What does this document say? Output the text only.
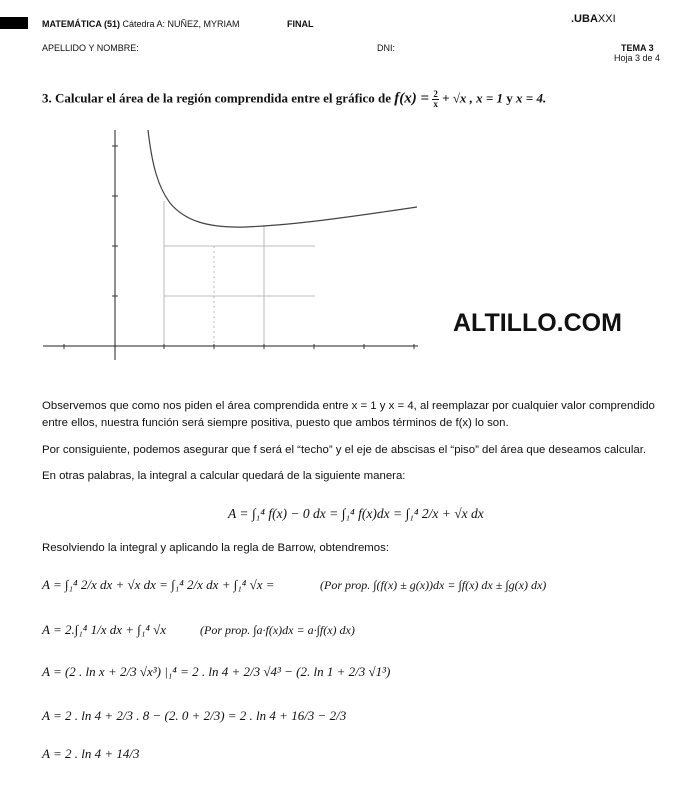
MATEMÁTICA (51) Cátedra A: NUÑEZ, MYRIAM	FINAL	.UBAXXI
APELLIDO Y NOMBRE:	DNI:	TEMA 3
Hoja 3 de 4
3. Calcular el área de la región comprendida entre el gráfico de $f(x) = \frac{2}{x} + √x$ , x = 1 y x = 4.
ALTILLO.COM
Observemos que como nos piden el área comprendida entre x = 1 y x = 4, al reemplazar por cualquier valor comprendido
entre ellos, nuestra función será siempre positiva, puesto que ambos términos de f(x) lo son.
Por consiguiente, podemos asegurar que f será el “techo” y el eje de abscisas el “piso” del área que deseamos calcular.
En otras palabras, la integral a calcular quedará de la siguiente manera:
A = ∫₁⁴ f(x) − 0 dx = ∫₁⁴ f(x)dx = ∫₁⁴ 2/x + √x dx
Resolviendo la integral y aplicando la regla de Barrow, obtendremos:
A = ∫₁⁴ 2/x dx + √x dx = ∫₁⁴ 2/x dx + ∫₁⁴ √x =	(Por prop. ∫(f(x) ± g(x))dx = ∫f(x) dx ± ∫g(x) dx)
A = 2.∫₁⁴ 1/x dx + ∫₁⁴ √x	(Por prop. ∫a·f(x)dx = a·∫f(x) dx)
A = (2 . ln x + 2/3 √x³) |₁⁴ = 2 . ln 4 + 2/3 √4³ − (2. ln 1 + 2/3 √1³)
A = 2 . ln 4 + 2/3 . 8 − (2. 0 + 2/3) = 2 . ln 4 + 16/3 − 2/3
A = 2 . ln 4 + 14/3
